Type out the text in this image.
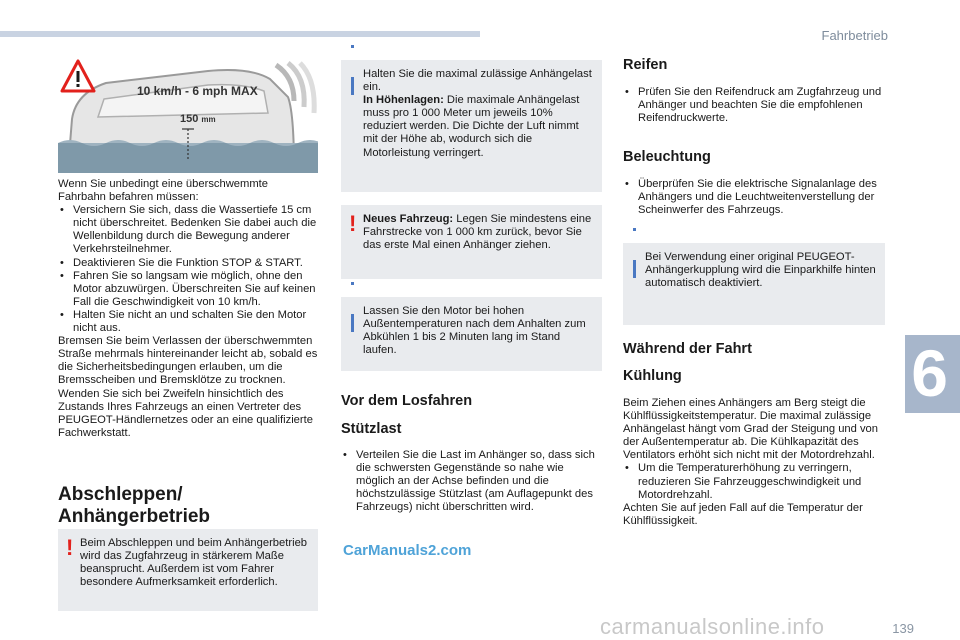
Fahrbetrieb
6
10 km/h - 6 mph MAX
150 mm

Wenn Sie unbedingt eine überschwemmte Fahrbahn befahren müssen:

• Versichern Sie sich, dass die Wassertiefe 15 cm nicht überschreitet. Bedenken Sie dabei auch die Wellenbildung durch die Bewegung anderer Verkehrsteilnehmer.

• Deaktivieren Sie die Funktion STOP & START.

• Fahren Sie so langsam wie möglich, ohne den Motor abzuwürgen. Überschreiten Sie auf keinen Fall die Geschwindigkeit von 10 km/h.

• Halten Sie nicht an und schalten Sie den Motor nicht aus.

Bremsen Sie beim Verlassen der überschwemmten Straße mehrmals hintereinander leicht ab, sobald es die Sicherheitsbedingungen erlauben, um die Bremsscheiben und Bremsklötze zu trocknen. Wenden Sie sich bei Zweifeln hinsichtlich des Zustands Ihres Fahrzeugs an einen Vertreter des PEUGEOT-Händlernetzes oder an eine qualifizierte Fachwerkstatt.

Abschleppen/
Anhängerbetrieb
! Beim Abschleppen und beim Anhängerbetrieb wird das Zugfahrzeug in stärkerem Maße beansprucht. Außerdem ist vom Fahrer besondere Aufmerksamkeit erforderlich.
Halten Sie die maximal zulässige Anhängelast ein.
In Höhenlagen: Die maximale Anhängelast muss pro 1 000 Meter um jeweils 10% reduziert werden. Die Dichte der Luft nimmt mit der Höhe ab, wodurch sich die Motorleistung verringert.
! Neues Fahrzeug: Legen Sie mindestens eine Fahrstrecke von 1 000 km zurück, bevor Sie das erste Mal einen Anhänger ziehen.
Lassen Sie den Motor bei hohen Außentemperaturen nach dem Anhalten zum Abkühlen 1 bis 2 Minuten lang im Stand laufen.
Vor dem Losfahren
Stützlast

• Verteilen Sie die Last im Anhänger so, dass sich die schwersten Gegenstände so nahe wie möglich an der Achse befinden und die höchstzulässige Stützlast (am Auflagepunkt des Fahrzeugs) nicht überschritten wird.

Reifen

• Prüfen Sie den Reifendruck am Zugfahrzeug und Anhänger und beachten Sie die empfohlenen Reifendruckwerte.

Beleuchtung

• Überprüfen Sie die elektrische Signalanlage des Anhängers und die Leuchtweitenverstellung der Scheinwerfer des Fahrzeugs.

Bei Verwendung einer original PEUGEOT-Anhängerkupplung wird die Einparkhilfe hinten automatisch deaktiviert.
Während der Fahrt
Kühlung

Beim Ziehen eines Anhängers am Berg steigt die Kühlflüssigkeitstemperatur. Die maximal zulässige Anhängelast hängt vom Grad der Steigung und von der Außentemperatur ab. Die Kühlkapazität des Ventilators erhöht sich nicht mit der Motordrehzahl.

• Um die Temperaturerhöhung zu verringern, reduzieren Sie Fahrzeuggeschwindigkeit und Motordrehzahl.

Achten Sie auf jeden Fall auf die Temperatur der Kühlflüssigkeit.

CarManuals2.com
carmanualsonline.info	139
